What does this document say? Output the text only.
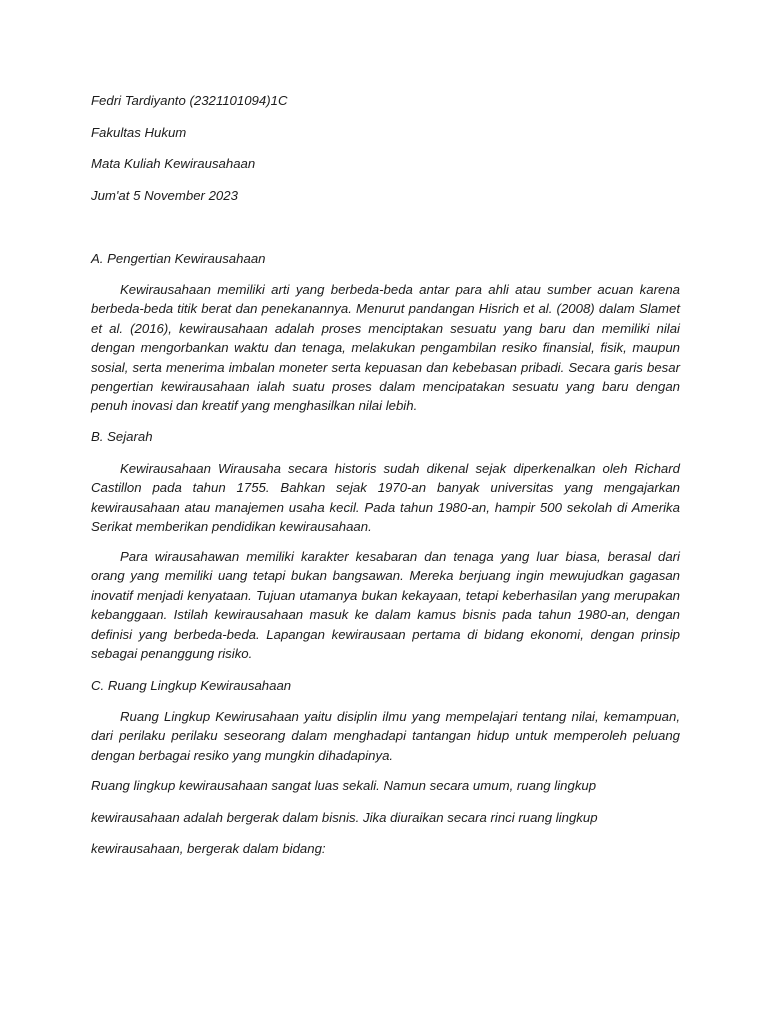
Fedri Tardiyanto (2321101094)1C
Fakultas Hukum
Mata Kuliah Kewirausahaan
Jum'at 5 November 2023
A. Pengertian Kewirausahaan

Kewirausahaan memiliki arti yang berbeda-beda antar para ahli atau sumber acuan karena berbeda-beda titik berat dan penekanannya. Menurut pandangan Hisrich et al. (2008) dalam Slamet et al. (2016), kewirausahaan adalah proses menciptakan sesuatu yang baru dan memiliki nilai dengan mengorbankan waktu dan tenaga, melakukan pengambilan resiko finansial, fisik, maupun sosial, serta menerima imbalan moneter serta kepuasan dan kebebasan pribadi. Secara garis besar pengertian kewirausahaan ialah suatu proses dalam mencipatakan sesuatu yang baru dengan penuh inovasi dan kreatif yang menghasilkan nilai lebih.

B. Sejarah

Kewirausahaan Wirausaha secara historis sudah dikenal sejak diperkenalkan oleh Richard Castillon pada tahun 1755. Bahkan sejak 1970-an banyak universitas yang mengajarkan kewirausahaan atau manajemen usaha kecil. Pada tahun 1980-an, hampir 500 sekolah di Amerika Serikat memberikan pendidikan kewirausahaan.

Para wirausahawan memiliki karakter kesabaran dan tenaga yang luar biasa, berasal dari orang yang memiliki uang tetapi bukan bangsawan. Mereka berjuang ingin mewujudkan gagasan inovatif menjadi kenyataan. Tujuan utamanya bukan kekayaan, tetapi keberhasilan yang merupakan kebanggaan. Istilah kewirausahaan masuk ke dalam kamus bisnis pada tahun 1980-an, dengan definisi yang berbeda-beda. Lapangan kewirausaan pertama di bidang ekonomi, dengan prinsip sebagai penanggung risiko.

C. Ruang Lingkup Kewirausahaan

Ruang Lingkup Kewirusahaan yaitu disiplin ilmu yang mempelajari tentang nilai, kemampuan, dari perilaku perilaku seseorang dalam menghadapi tantangan hidup untuk memperoleh peluang dengan berbagai resiko yang mungkin dihadapinya.

Ruang lingkup kewirausahaan sangat luas sekali. Namun secara umum, ruang lingkup
kewirausahaan adalah bergerak dalam bisnis. Jika diuraikan secara rinci ruang lingkup
kewirausahaan, bergerak dalam bidang:
